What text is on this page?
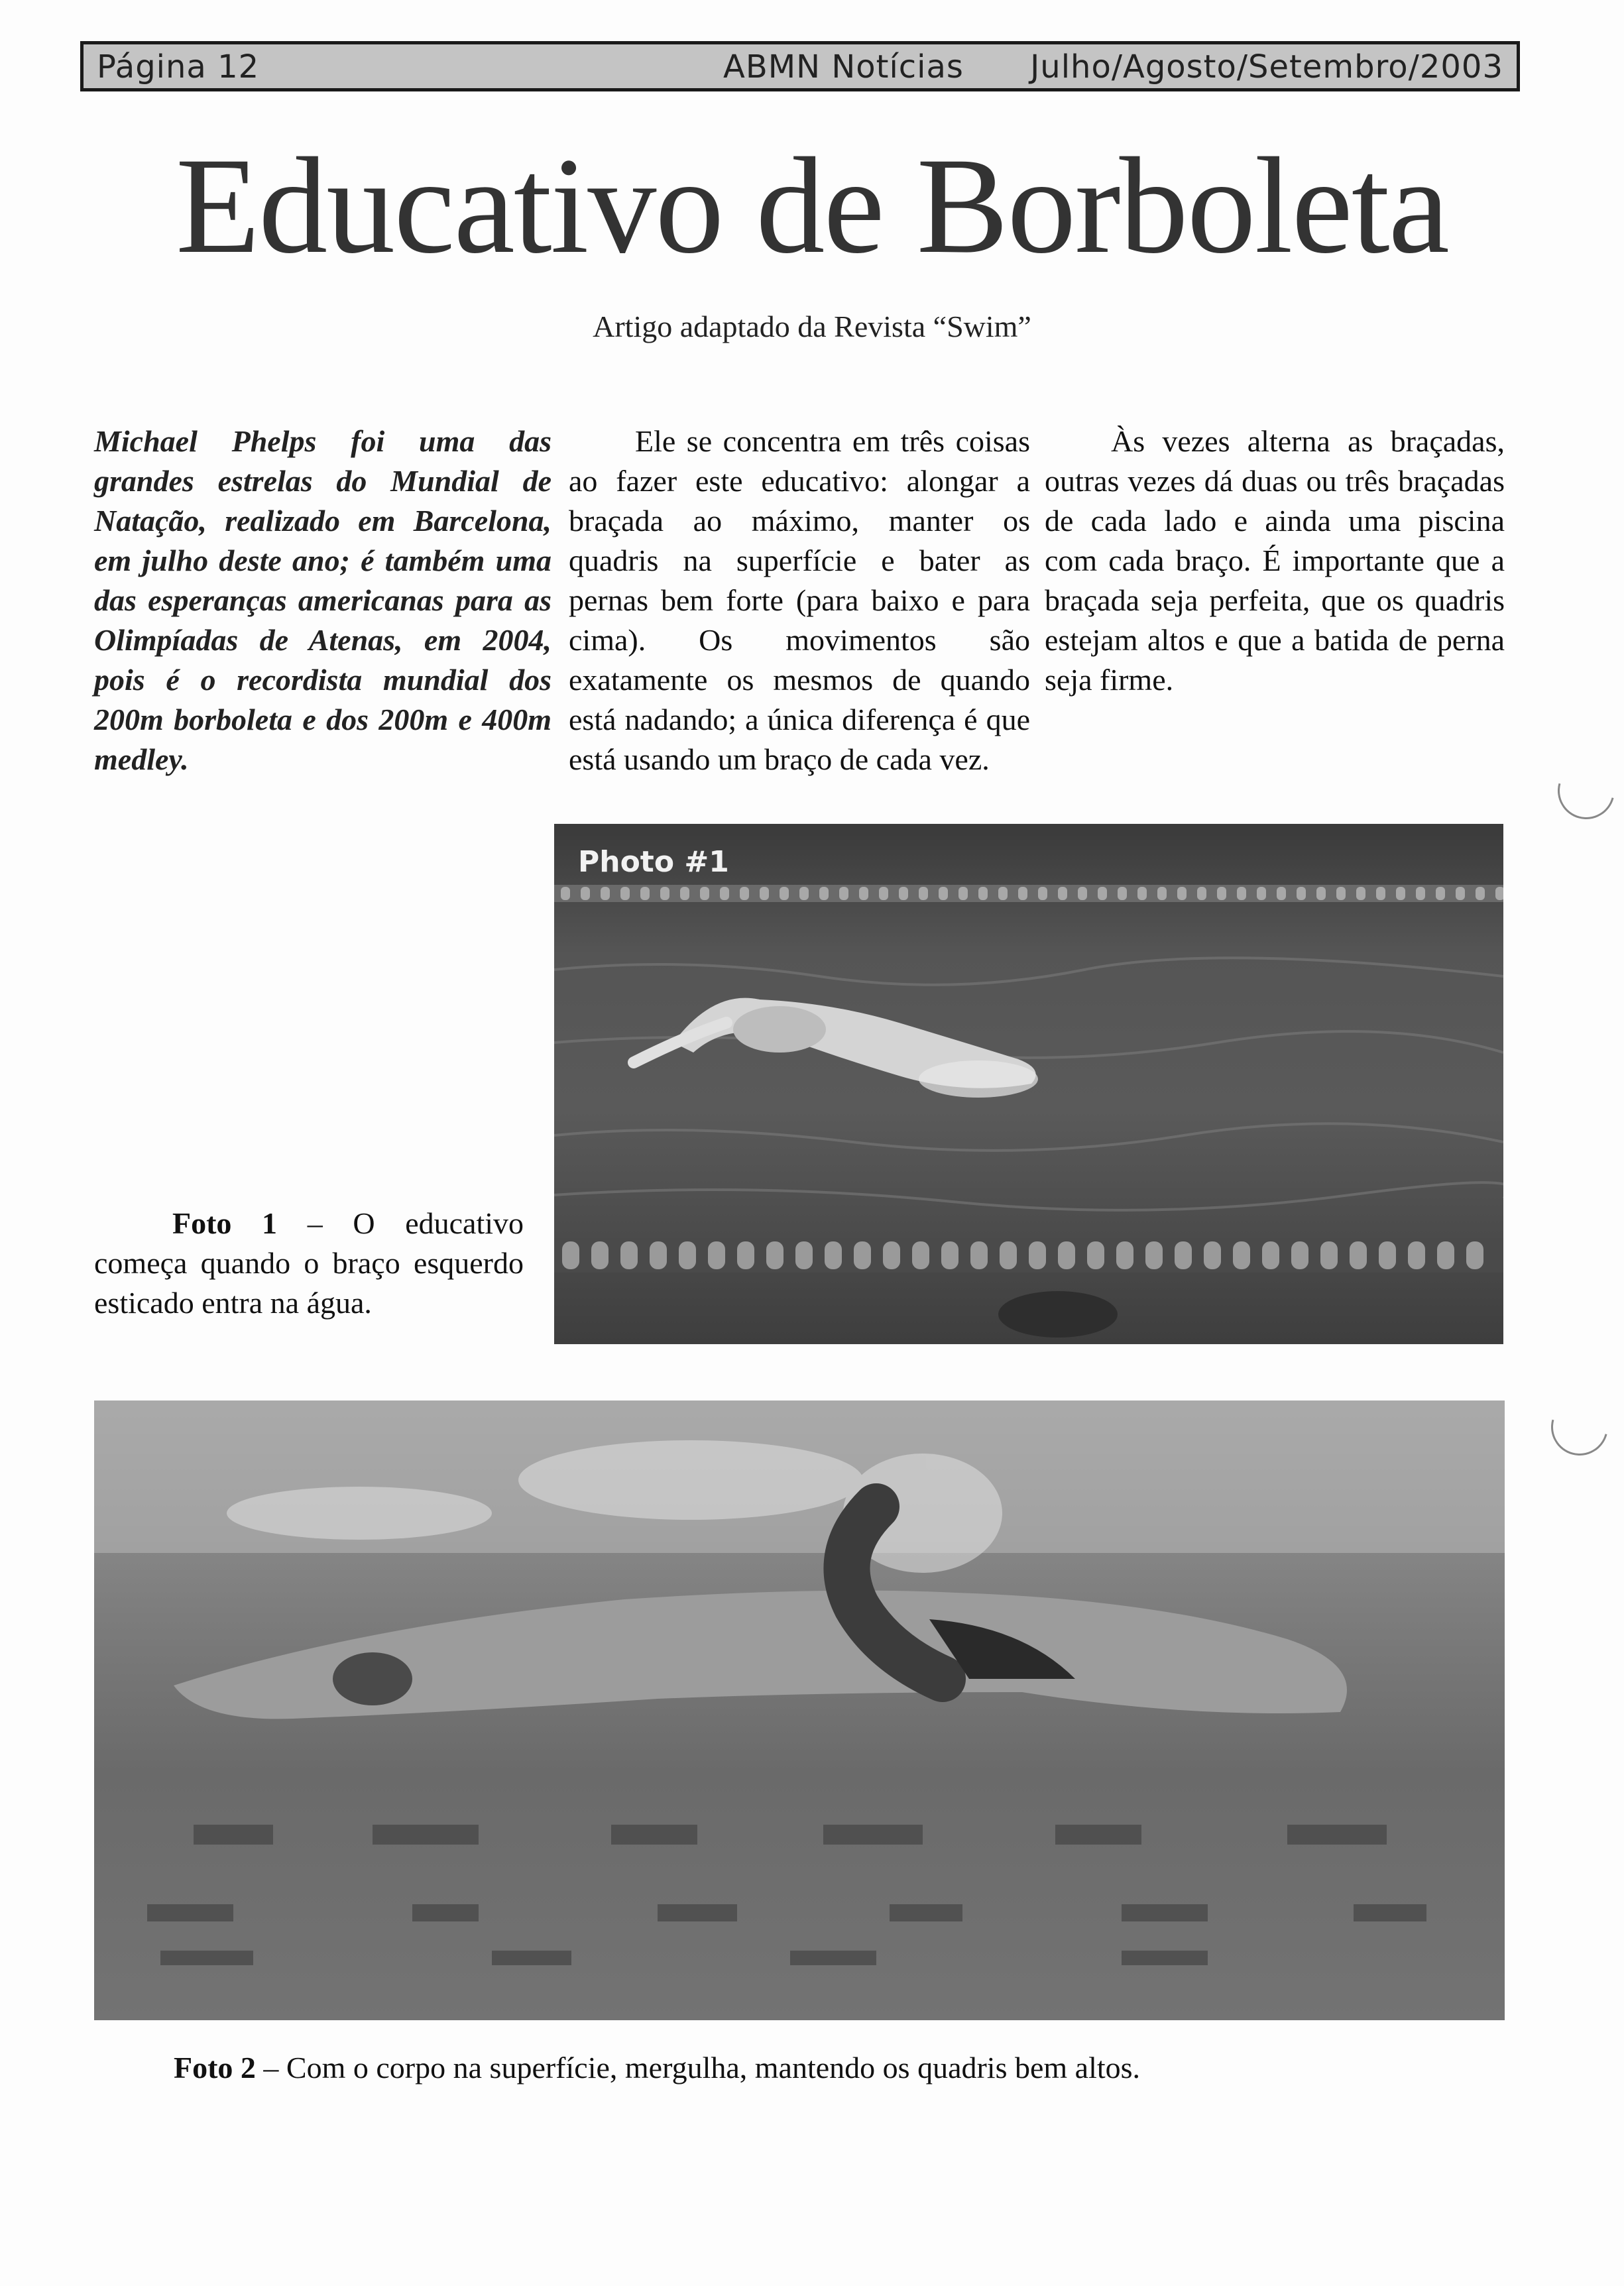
Página 12	ABMN Notícias Julho/Agosto/Setembro/2003
Educativo de Borboleta
Artigo adaptado da Revista “Swim”
Michael Phelps foi uma das grandes estrelas do Mundial de Natação, realizado em Barcelona, em julho deste ano; é também uma das esperanças americanas para as Olimpíadas de Atenas, em 2004, pois é o recordista mundial dos 200m borboleta e dos 200m e 400m medley.

Ele se concentra em três coisas ao fazer este educativo: alongar a braçada ao máximo, manter os quadris na superfície e bater as pernas bem forte (para baixo e para cima). Os movimentos são exatamente os mesmos de quando está nadando; a única diferença é que está usando um braço de cada vez.

Às vezes alterna as braçadas, outras vezes dá duas ou três braçadas de cada lado e ainda uma piscina com cada braço. É importante que a braçada seja perfeita, que os quadris estejam altos e que a batida de perna seja firme.

Photo #1
Foto 1 – O educativo começa quando o braço esquerdo esticado entra na água.
Foto 2 – Com o corpo na superfície, mergulha, mantendo os quadris bem altos.
